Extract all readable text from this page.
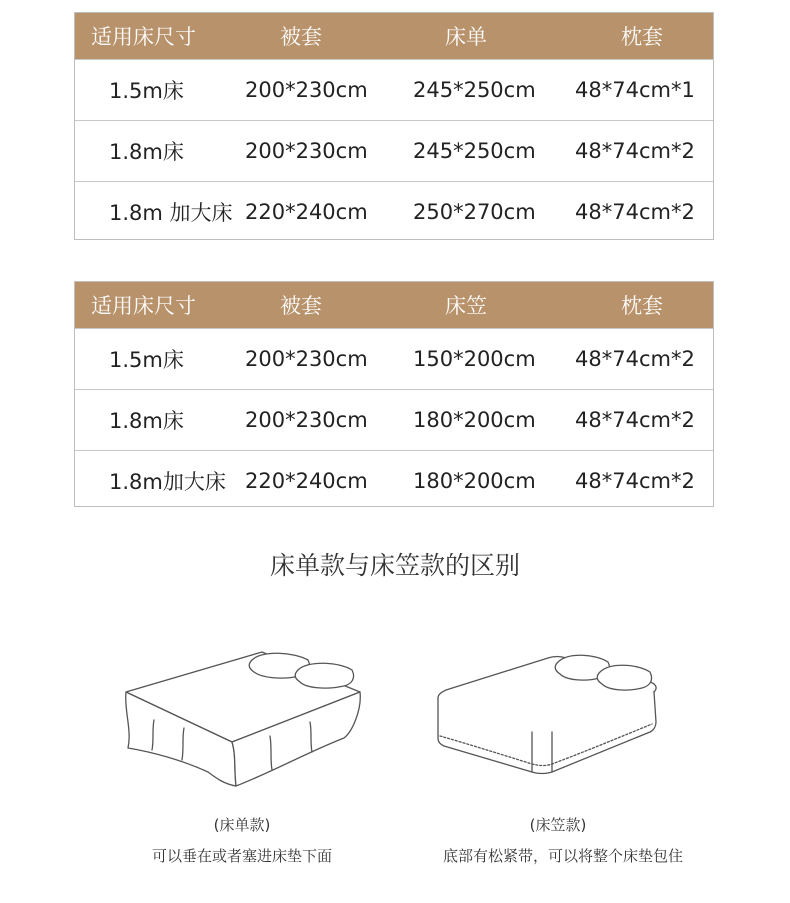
适用床尺寸	被套	床单	枕套
1.5m床	200*230cm 245*250cm 48*74cm*1
1.8m床	200*230cm 245*250cm 48*74cm*2
1.8m 加大床 220*240cm 250*270cm 48*74cm*2
适用床尺寸	被套	床笠	枕套
1.5m床	200*230cm 150*200cm 48*74cm*2
1.8m床	200*230cm 180*200cm 48*74cm*2
1.8m加大床 220*240cm 180*200cm 48*74cm*2
床单款与床笠款的区别
(床单款)
可以垂在或者塞进床垫下面
(床笠款)
底部有松紧带，可以将整个床垫包住
